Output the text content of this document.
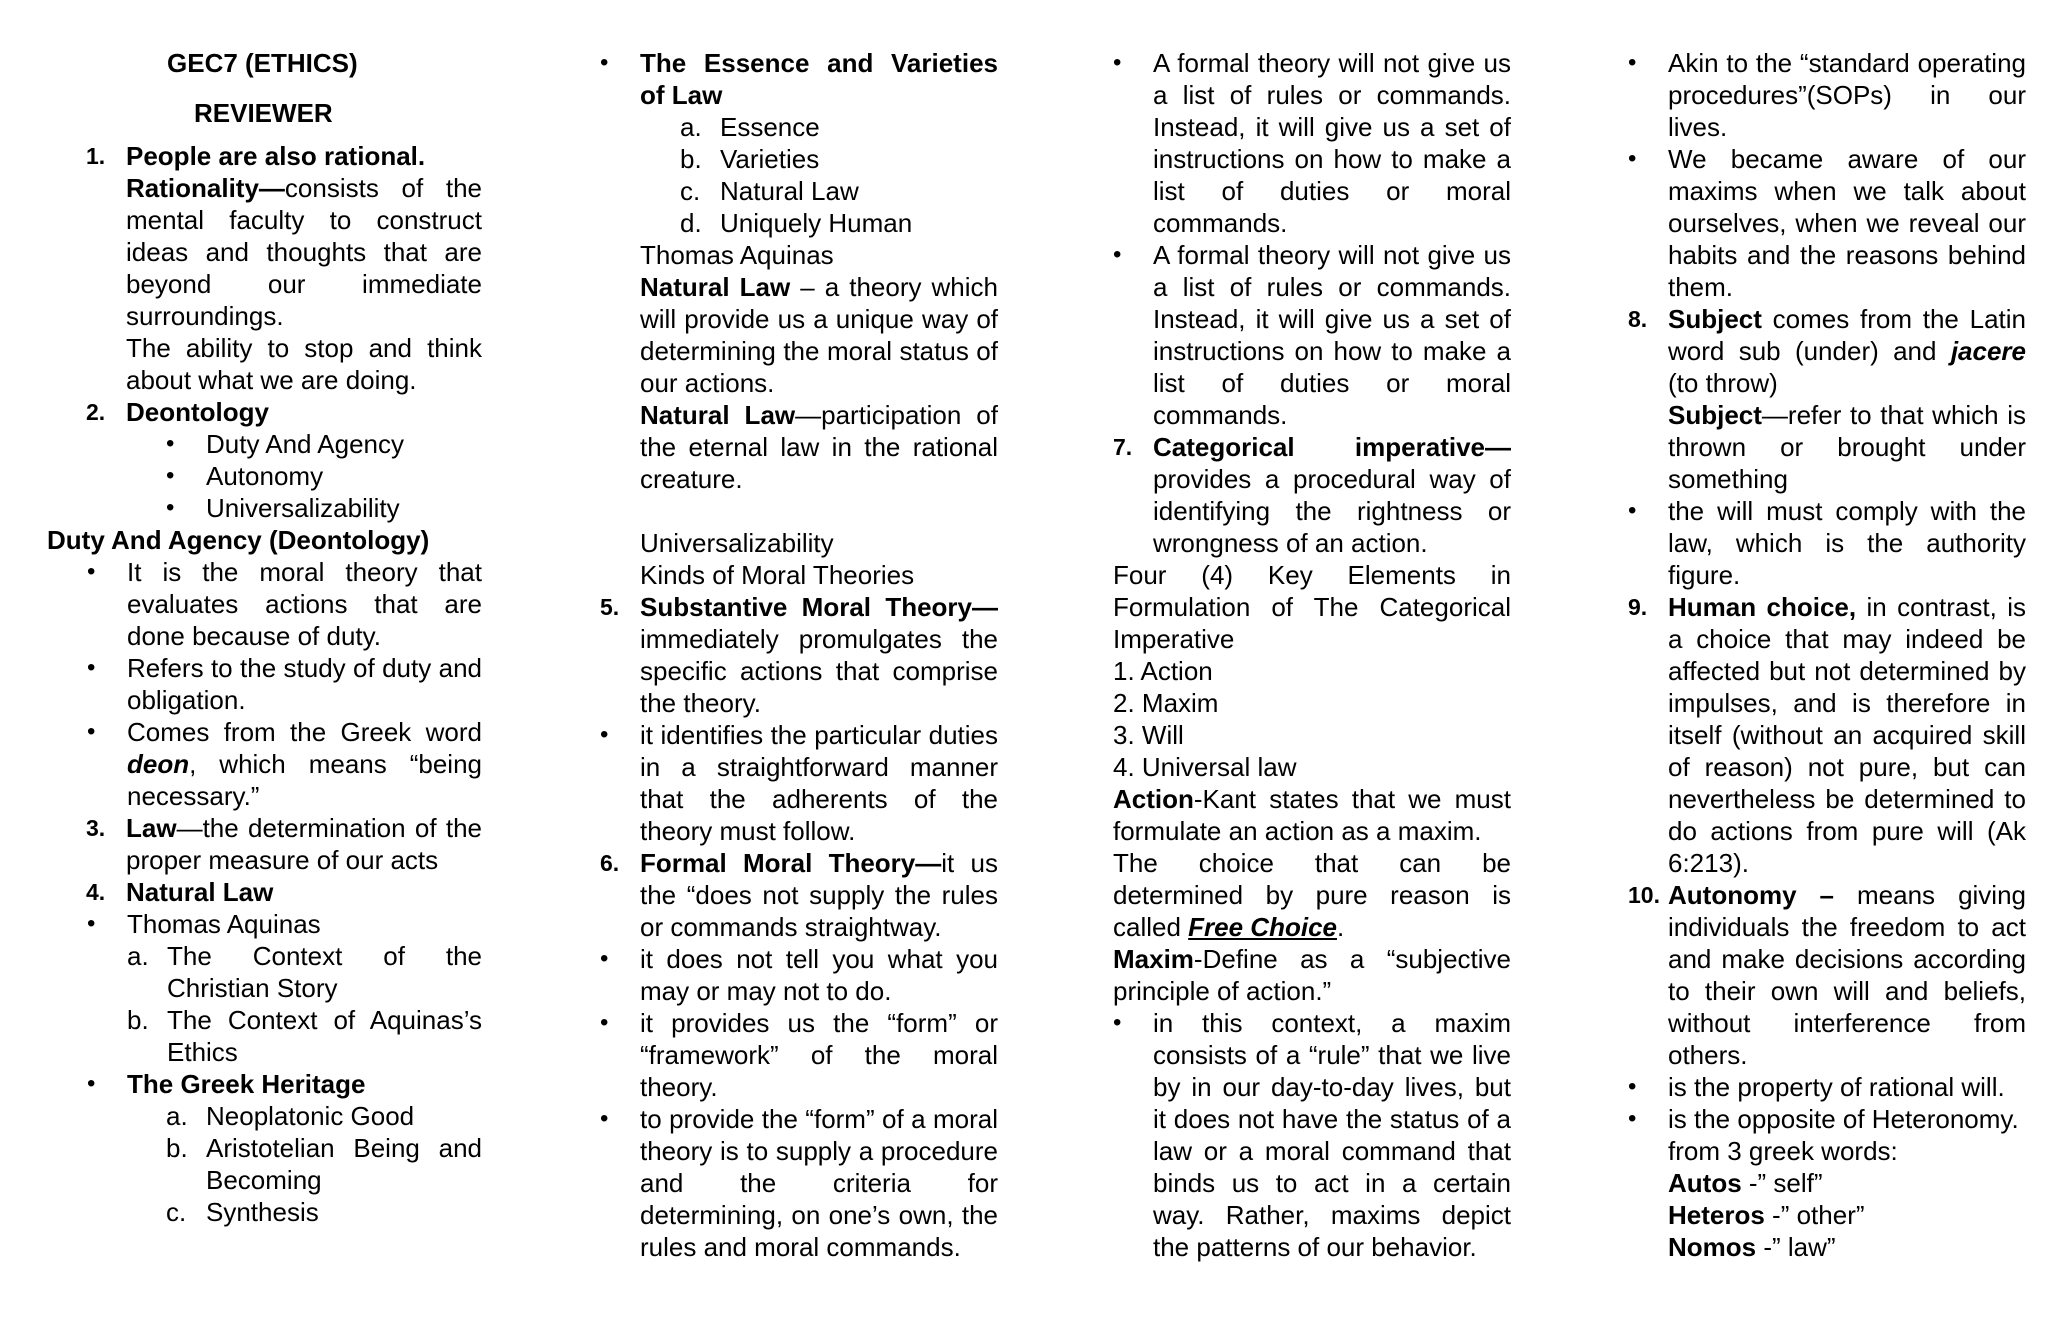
GEC7 (ETHICS)
REVIEWER
1. People are also rational.
Rationality—consists of the mental faculty to construct ideas and thoughts that are beyond our immediate surroundings.
The ability to stop and think about what we are doing.
2. Deontology
• Duty And Agency
• Autonomy
• Universalizability
Duty And Agency (Deontology)
• It is the moral theory that evaluates actions that are done because of duty.
• Refers to the study of duty and obligation.
• Comes from the Greek word deon, which means “being necessary.”
3. Law—the determination of the proper measure of our acts
4. Natural Law
• Thomas Aquinas
a. The Context of the Christian Story
b. The Context of Aquinas’s Ethics
• The Greek Heritage
a. Neoplatonic Good
b. Aristotelian Being and Becoming
c. Synthesis
• The Essence and Varieties of Law
a. Essence
b. Varieties
c. Natural Law
d. Uniquely Human
Thomas Aquinas
Natural Law – a theory which will provide us a unique way of determining the moral status of our actions.
Natural Law—participation of the eternal law in the rational creature.
Universalizability
Kinds of Moral Theories
5. Substantive Moral Theory— immediately promulgates the specific actions that comprise the theory.
• it identifies the particular duties in a straightforward manner that the adherents of the theory must follow.
6. Formal Moral Theory—it us the “does not supply the rules or commands straightway.
• it does not tell you what you may or may not to do.
• it provides us the “form” or “framework” of the moral theory.
• to provide the “form” of a moral theory is to supply a procedure and the criteria for determining, on one’s own, the rules and moral commands.
• A formal theory will not give us a list of rules or commands. Instead, it will give us a set of instructions on how to make a list of duties or moral commands.
• A formal theory will not give us a list of rules or commands. Instead, it will give us a set of instructions on how to make a list of duties or moral commands.
7. Categorical imperative— provides a procedural way of identifying the rightness or wrongness of an action.
Four (4) Key Elements in Formulation of The Categorical Imperative
1. Action
2. Maxim
3. Will
4. Universal law
Action-Kant states that we must formulate an action as a maxim.
The choice that can be determined by pure reason is called Free Choice.
Maxim-Define as a “subjective principle of action.”
• in this context, a maxim consists of a “rule” that we live by in our day-to-day lives, but it does not have the status of a law or a moral command that binds us to act in a certain way. Rather, maxims depict the patterns of our behavior.
• Akin to the “standard operating procedures”(SOPs) in our lives.
• We became aware of our maxims when we talk about ourselves, when we reveal our habits and the reasons behind them.
8. Subject comes from the Latin word sub (under) and jacere (to throw)
Subject—refer to that which is thrown or brought under something
• the will must comply with the law, which is the authority figure.
9. Human choice, in contrast, is a choice that may indeed be affected but not determined by impulses, and is therefore in itself (without an acquired skill of reason) not pure, but can nevertheless be determined to do actions from pure will (Ak 6:213).
10. Autonomy – means giving individuals the freedom to act and make decisions according to their own will and beliefs, without interference from others.
• is the property of rational will.
• is the opposite of Heteronomy.
from 3 greek words:
Autos -” self”
Heteros -” other”
Nomos -” law”
